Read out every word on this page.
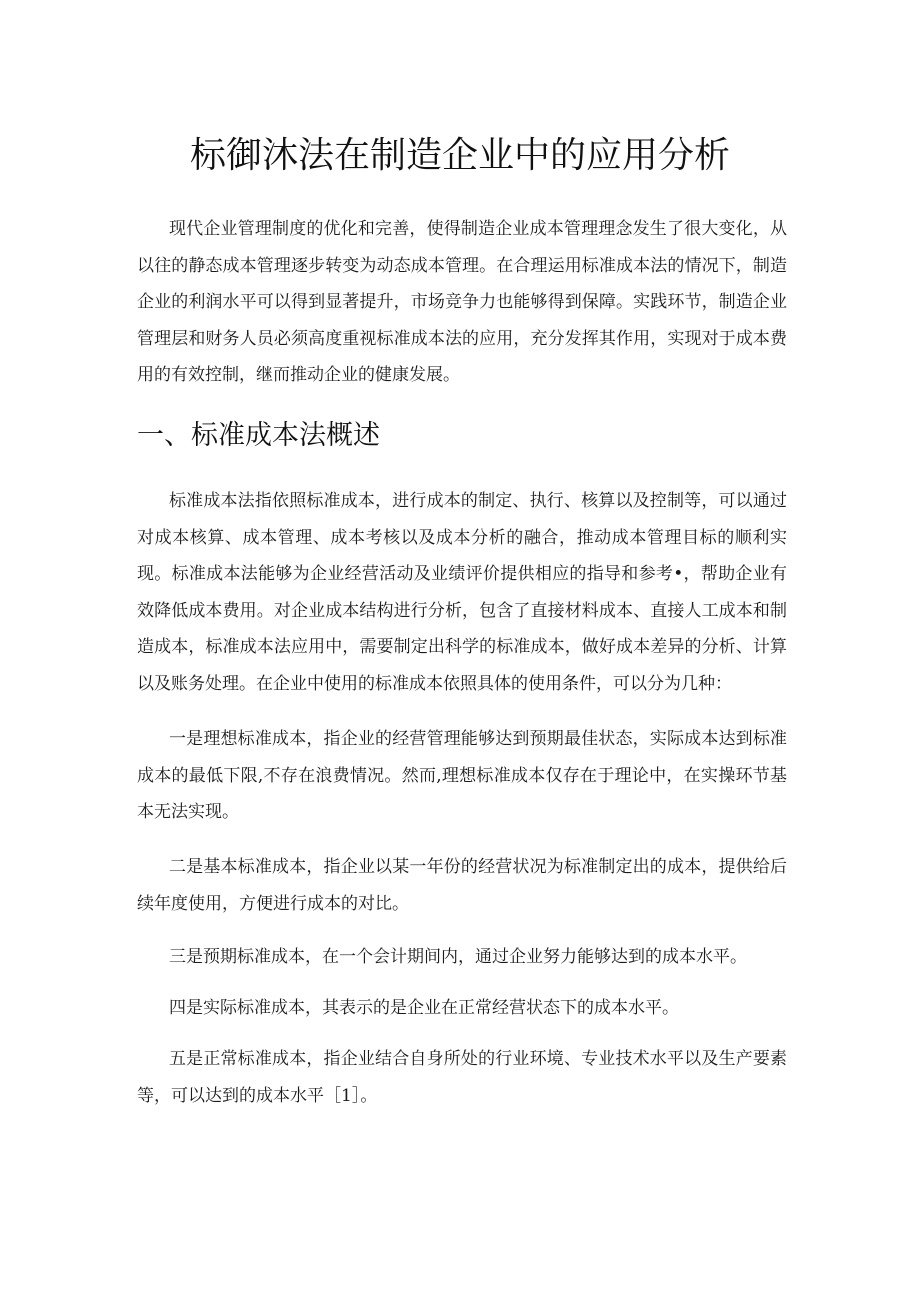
标御沐法在制造企业中的应用分析

现代企业管理制度的优化和完善，使得制造企业成本管理理念发生了很大变化，从以往的静态成本管理逐步转变为动态成本管理。在合理运用标准成本法的情况下，制造企业的利润水平可以得到显著提升，市场竞争力也能够得到保障。实践环节，制造企业管理层和财务人员必须高度重视标准成本法的应用，充分发挥其作用，实现对于成本费用的有效控制，继而推动企业的健康发展。

一、标准成本法概述

标准成本法指依照标准成本，进行成本的制定、执行、核算以及控制等，可以通过对成本核算、成本管理、成本考核以及成本分析的融合，推动成本管理目标的顺利实现。标准成本法能够为企业经营活动及业绩评价提供相应的指导和参考•，帮助企业有效降低成本费用。对企业成本结构进行分析，包含了直接材料成本、直接人工成本和制造成本，标准成本法应用中，需要制定出科学的标准成本，做好成本差异的分析、计算以及账务处理。在企业中使用的标准成本依照具体的使用条件，可以分为几种：

一是理想标准成本，指企业的经营管理能够达到预期最佳状态，实际成本达到标准成本的最低下限,不存在浪费情况。然而,理想标准成本仅存在于理论中，在实操环节基本无法实现。

二是基本标准成本，指企业以某一年份的经营状况为标准制定出的成本，提供给后续年度使用，方便进行成本的对比。

三是预期标准成本，在一个会计期间内，通过企业努力能够达到的成本水平。

四是实际标准成本，其表示的是企业在正常经营状态下的成本水平。

五是正常标准成本，指企业结合自身所处的行业环境、专业技术水平以及生产要素等，可以达到的成本水平［1］。
